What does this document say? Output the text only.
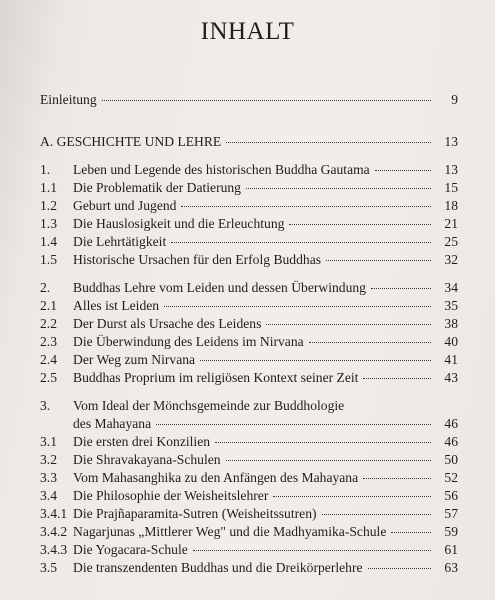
INHALT
Einleitung	9
A. GESCHICHTE UND LEHRE	13
1.	Leben und Legende des historischen Buddha Gautama	13
1.1	Die Problematik der Datierung	15
1.2	Geburt und Jugend	18
1.3	Die Hauslosigkeit und die Erleuchtung	21
1.4	Die Lehrtätigkeit	25
1.5	Historische Ursachen für den Erfolg Buddhas	32
2.	Buddhas Lehre vom Leiden und dessen Überwindung	34
2.1	Alles ist Leiden	35
2.2	Der Durst als Ursache des Leidens	38
2.3	Die Überwindung des Leidens im Nirvana	40
2.4	Der Weg zum Nirvana	41
2.5	Buddhas Proprium im religiösen Kontext seiner Zeit	43
3.	Vom Ideal der Mönchsgemeinde zur Buddhologie
des Mahayana	46
3.1	Die ersten drei Konzilien	46
3.2	Die Shravakayana-Schulen	50
3.3	Vom Mahasanghika zu den Anfängen des Mahayana	52
3.4	Die Philosophie der Weisheitslehrer	56
3.4.1 Die Prajñaparamita-Sutren (Weisheitssutren)	57
3.4.2 Nagarjunas „Mittlerer Weg" und die Madhyamika-Schule	59
3.4.3 Die Yogacara-Schule	61
3.5	Die transzendenten Buddhas und die Dreikörperlehre	63
